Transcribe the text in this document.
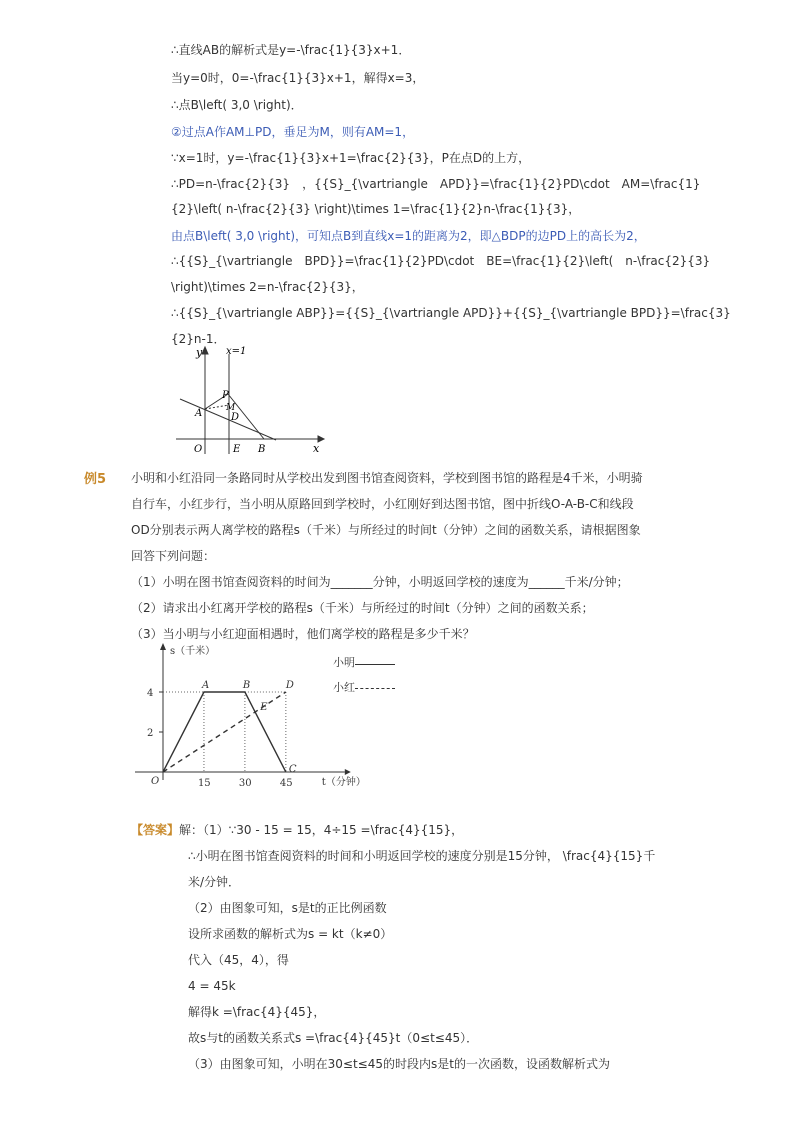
∴直线AB的解析式是y=-\frac{1}{3}x+1．
当y=0时，0=-\frac{1}{3}x+1，解得x=3，
∴点B\left( 3,0 \right)．
②过点A作AM⊥PD，垂足为M，则有AM=1，
∵x=1时，y=-\frac{1}{3}x+1=\frac{2}{3}，P在点D的上方，
∴PD=n-\frac{2}{3}　，{{S}_{\vartriangle　APD}}=\frac{1}{2}PD\cdot　AM=\frac{1}
{2}\left( n-\frac{2}{3} \right)\times 1=\frac{1}{2}n-\frac{1}{3}，
由点B\left( 3,0 \right)，可知点B到直线x=1的距离为2，即△BDP的边PD上的高长为2，
∴{{S}_{\vartriangle　BPD}}=\frac{1}{2}PD\cdot　BE=\frac{1}{2}\left(　n-\frac{2}{3}
\right)\times 2=n-\frac{2}{3}，
∴{{S}_{\vartriangle ABP}}={{S}_{\vartriangle APD}}+{{S}_{\vartriangle BPD}}=\frac{3}
{2}n-1．
y x=1
P
A	M
D
O	E B	x
例5 小明和小红沿同一条路同时从学校出发到图书馆查阅资料，学校到图书馆的路程是4千米，小明骑
自行车，小红步行，当小明从原路回到学校时，小红刚好到达图书馆，图中折线O-A-B-C和线段
OD分别表示两人离学校的路程s（千米）与所经过的时间t（分钟）之间的函数关系，请根据图象
回答下列问题：
（1）小明在图书馆查阅资料的时间为_______分钟，小明返回学校的速度为______千米/分钟；
（2）请求出小红离开学校的路程s（千米）与所经过的时间t（分钟）之间的函数关系；
（3）当小明与小红迎面相遇时，他们离学校的路程是多少千米？
s（千米）
t（分钟）
2
4
15	30	45
O
A	B
C
D
E
小明
小红
【答案】解：（1）∵30 - 15 = 15，4÷15 =\frac{4}{15}，
∴小明在图书馆查阅资料的时间和小明返回学校的速度分别是15分钟， \frac{4}{15}千
米/分钟．
（2）由图象可知，s是t的正比例函数
设所求函数的解析式为s = kt（k≠0）
代入（45，4），得
4 = 45k
解得k =\frac{4}{45}，
故s与t的函数关系式s =\frac{4}{45}t（0≤t≤45）．
（3）由图象可知，小明在30≤t≤45的时段内s是t的一次函数，设函数解析式为
